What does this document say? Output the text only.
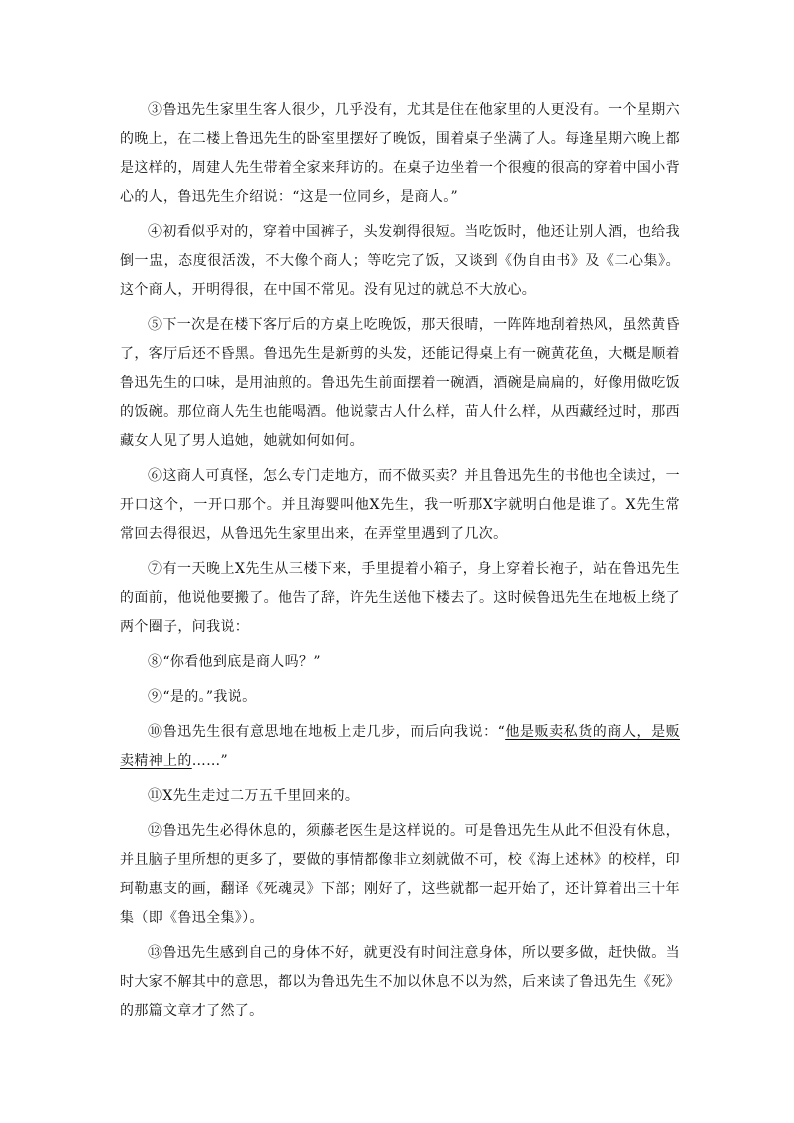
③鲁迅先生家里生客人很少，几乎没有，尤其是住在他家里的人更没有。一个星期六的晚上，在二楼上鲁迅先生的卧室里摆好了晚饭，围着桌子坐满了人。每逢星期六晚上都是这样的，周建人先生带着全家来拜访的。在桌子边坐着一个很瘦的很高的穿着中国小背心的人，鲁迅先生介绍说：“这是一位同乡，是商人。”

④初看似乎对的，穿着中国裤子，头发剃得很短。当吃饭时，他还让别人酒，也给我倒一盅，态度很活泼，不大像个商人；等吃完了饭，又谈到《伪自由书》及《二心集》。这个商人，开明得很，在中国不常见。没有见过的就总不大放心。

⑤下一次是在楼下客厅后的方桌上吃晚饭，那天很晴，一阵阵地刮着热风，虽然黄昏了，客厅后还不昏黑。鲁迅先生是新剪的头发，还能记得桌上有一碗黄花鱼，大概是顺着鲁迅先生的口味，是用油煎的。鲁迅先生前面摆着一碗酒，酒碗是扁扁的，好像用做吃饭的饭碗。那位商人先生也能喝酒。他说蒙古人什么样，苗人什么样，从西藏经过时，那西藏女人见了男人追她，她就如何如何。

⑥这商人可真怪，怎么专门走地方，而不做买卖？并且鲁迅先生的书他也全读过，一开口这个，一开口那个。并且海婴叫他X先生，我一听那X字就明白他是谁了。X先生常常回去得很迟，从鲁迅先生家里出来，在弄堂里遇到了几次。

⑦有一天晚上X先生从三楼下来，手里提着小箱子，身上穿着长袍子，站在鲁迅先生的面前，他说他要搬了。他告了辞，许先生送他下楼去了。这时候鲁迅先生在地板上绕了两个圈子，问我说：

⑧“你看他到底是商人吗？”

⑨“是的。”我说。

⑩鲁迅先生很有意思地在地板上走几步，而后向我说：“他是贩卖私货的商人，是贩卖精神上的……”

⑪X先生走过二万五千里回来的。

⑫鲁迅先生必得休息的，须藤老医生是这样说的。可是鲁迅先生从此不但没有休息，并且脑子里所想的更多了，要做的事情都像非立刻就做不可，校《海上述林》的校样，印珂勒惠支的画，翻译《死魂灵》下部；刚好了，这些就都一起开始了，还计算着出三十年集（即《鲁迅全集》）。

⑬鲁迅先生感到自己的身体不好，就更没有时间注意身体，所以要多做，赶快做。当时大家不解其中的意思，都以为鲁迅先生不加以休息不以为然，后来读了鲁迅先生《死》的那篇文章才了然了。
